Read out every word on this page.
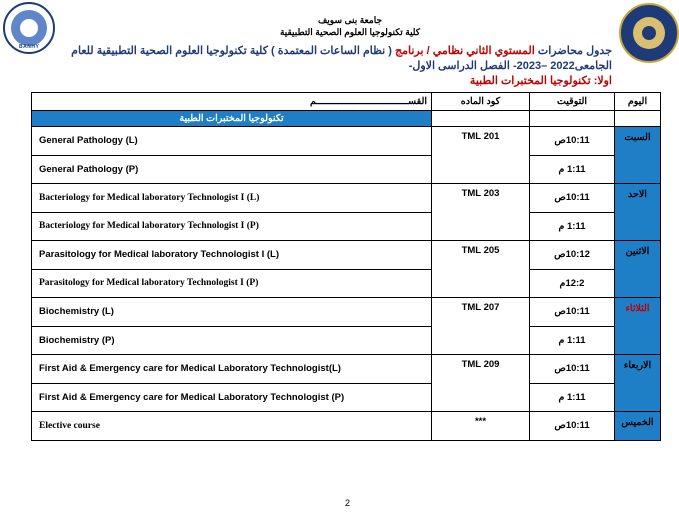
BANHY
جامعة بنى سويف
كلية تكنولوجيا العلوم الصحية التطبيقية
جدول محاضرات المستوي الثاني نظامي / برنامج ( نظام الساعات المعتمدة ) كلية تكنولوجيا العلوم الصحية التطبيقية للعام
الجامعى2022 –2023- الفصل الدراسى الاول-
اولا: تكنولوجيا المختبرات الطبية
القســـــــــــــــــــــــــــــــــم	كود الماده	التوقيت	اليوم
تكنولوجيا المختبرات الطبية			
General Pathology (L)	TML 201	10:11ص	السبت
General Pathology (P)		1:11 م	
Bacteriology for Medical laboratory Technologist I (L)	TML 203	10:11ص	الاحد
Bacteriology for Medical laboratory Technologist I (P)		1:11 م	
Parasitology for Medical laboratory Technologist I (L)	TML 205	10:12ص	الاثنين
Parasitology for Medical laboratory Technologist I (P)		12:2م	
Biochemistry (L)	TML 207	10:11ص	الثلاثاء
Biochemistry (P)		1:11 م	
First Aid & Emergency care for Medical Laboratory Technologist(L)	TML 209	10:11ص	الاربعاء
First Aid & Emergency care for Medical Laboratory Technologist (P)		1:11 م	
Elective course	***	10:11ص	الخميس
2
